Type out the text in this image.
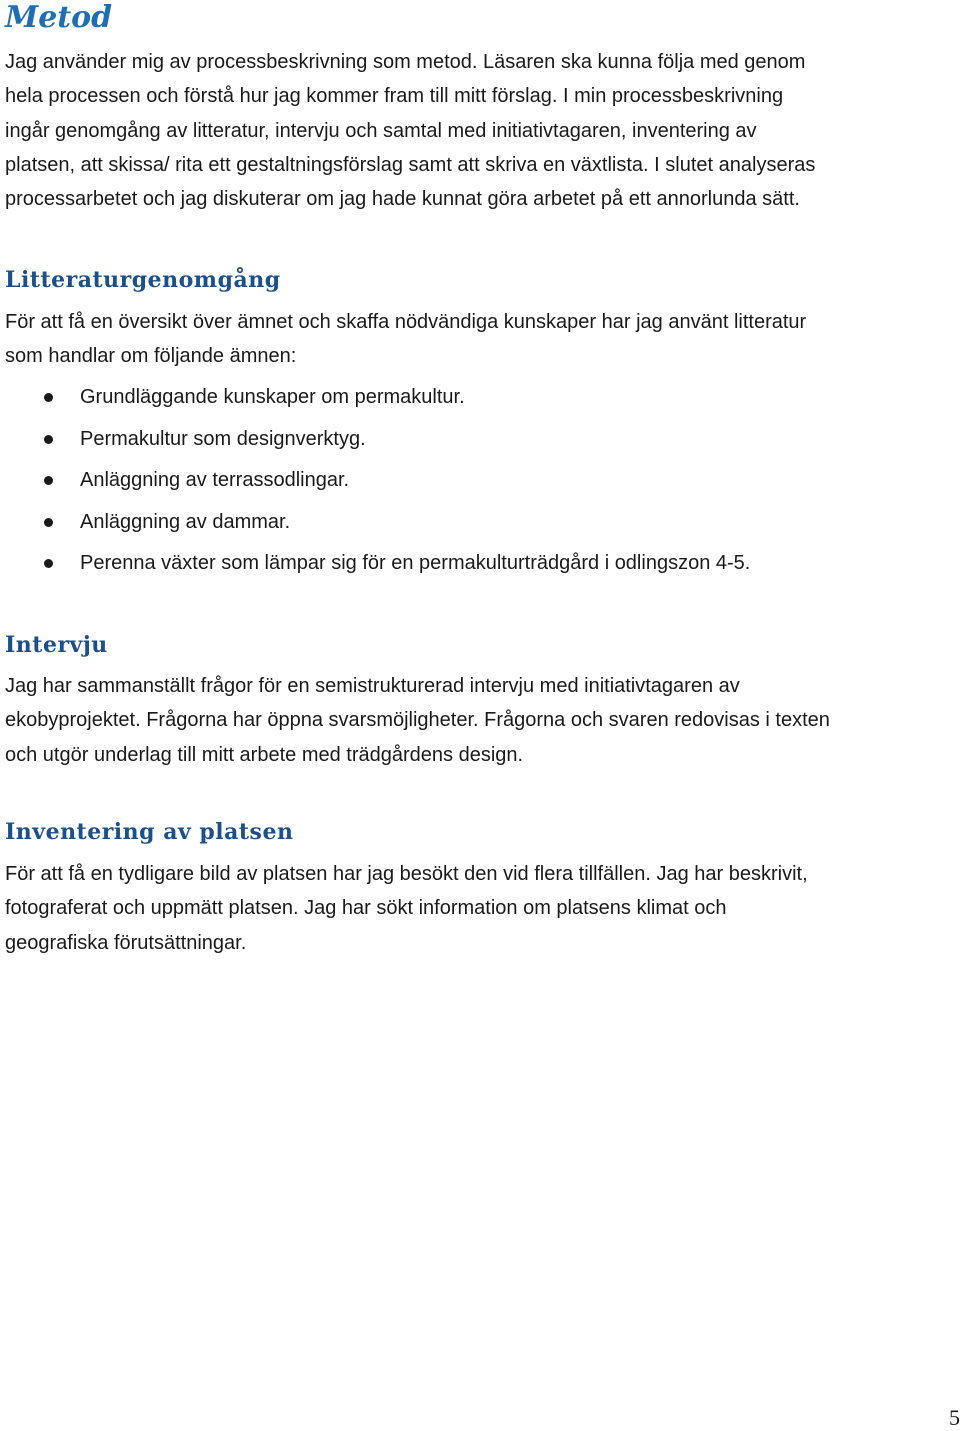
Metod

Jag använder mig av processbeskrivning som metod. Läsaren ska kunna följa med genom
hela processen och förstå hur jag kommer fram till mitt förslag. I min processbeskrivning
ingår genomgång av litteratur, intervju och samtal med initiativtagaren, inventering av
platsen, att skissa/ rita ett gestaltningsförslag samt att skriva en växtlista. I slutet analyseras
processarbetet och jag diskuterar om jag hade kunnat göra arbetet på ett annorlunda sätt.

Litteraturgenomgång

För att få en översikt över ämnet och skaffa nödvändiga kunskaper har jag använt litteratur
som handlar om följande ämnen:

Grundläggande kunskaper om permakultur.
Permakultur som designverktyg.
Anläggning av terrassodlingar.
Anläggning av dammar.
Perenna växter som lämpar sig för en permakulturträdgård i odlingszon 4-5.
Intervju

Jag har sammanställt frågor för en semistrukturerad intervju med initiativtagaren av
ekobyprojektet. Frågorna har öppna svarsmöjligheter. Frågorna och svaren redovisas i texten
och utgör underlag till mitt arbete med trädgårdens design.

Inventering av platsen

För att få en tydligare bild av platsen har jag besökt den vid flera tillfällen. Jag har beskrivit,
fotograferat och uppmätt platsen. Jag har sökt information om platsens klimat och
geografiska förutsättningar.

5
